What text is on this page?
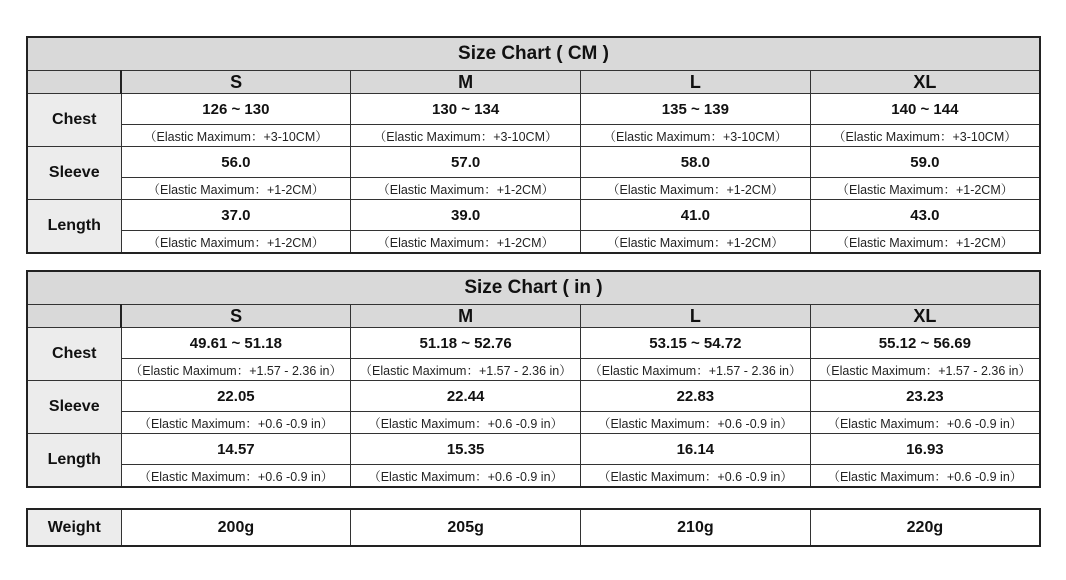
Size Chart ( CM )				
	S	M	L	XL
Chest	126 ~ 130	130 ~ 134	135 ~ 139	140 ~ 144
	（Elastic Maximum：+3-10CM）	（Elastic Maximum：+3-10CM）	（Elastic Maximum：+3-10CM）	（Elastic Maximum：+3-10CM）
Sleeve	56.0	57.0	58.0	59.0
	（Elastic Maximum：+1-2CM）	（Elastic Maximum：+1-2CM）	（Elastic Maximum：+1-2CM）	（Elastic Maximum：+1-2CM）
Length	37.0	39.0	41.0	43.0
	（Elastic Maximum：+1-2CM）	（Elastic Maximum：+1-2CM）	（Elastic Maximum：+1-2CM）	（Elastic Maximum：+1-2CM）
Size Chart ( in )				
	S	M	L	XL
Chest	49.61 ~ 51.18	51.18 ~ 52.76	53.15 ~ 54.72	55.12 ~ 56.69
	（Elastic Maximum：+1.57 - 2.36 in）	（Elastic Maximum：+1.57 - 2.36 in）	（Elastic Maximum：+1.57 - 2.36 in）	（Elastic Maximum：+1.57 - 2.36 in）
Sleeve	22.05	22.44	22.83	23.23
	（Elastic Maximum：+0.6 -0.9 in）	（Elastic Maximum：+0.6 -0.9 in）	（Elastic Maximum：+0.6 -0.9 in）	（Elastic Maximum：+0.6 -0.9 in）
Length	14.57	15.35	16.14	16.93
	（Elastic Maximum：+0.6 -0.9 in）	（Elastic Maximum：+0.6 -0.9 in）	（Elastic Maximum：+0.6 -0.9 in）	（Elastic Maximum：+0.6 -0.9 in）
Weight	200g	205g	210g	220g
